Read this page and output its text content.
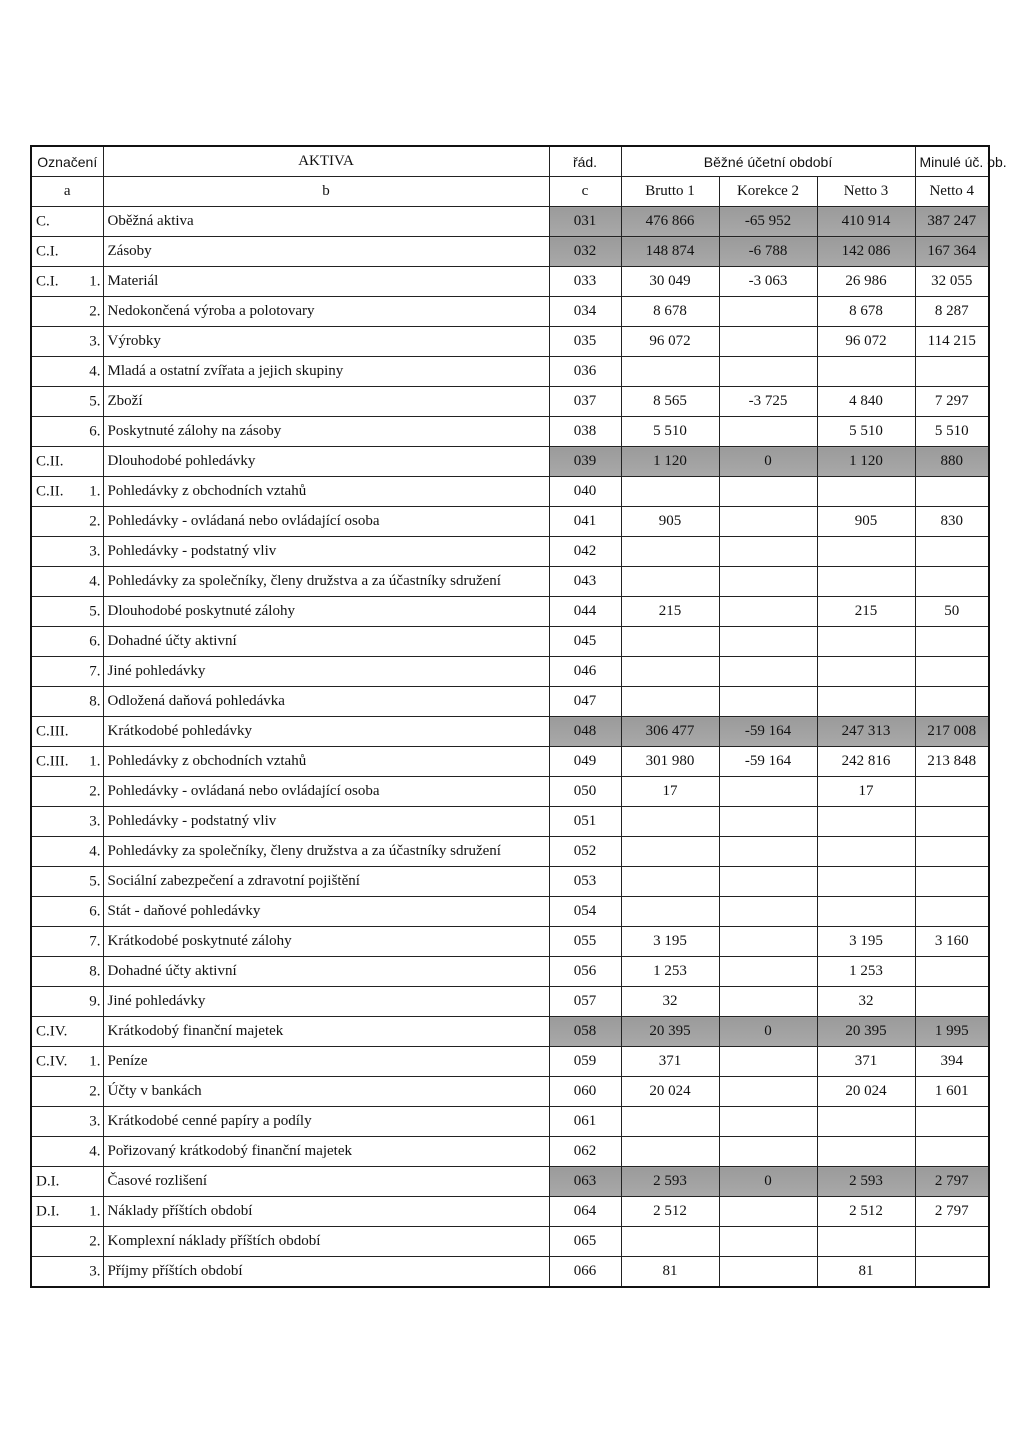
Označení	AKTIVA	řád.	Běžné účetní období			Minulé úč. ob.
a	b	c	Brutto 1	Korekce 2	Netto 3	Netto 4

C.	Oběžná aktiva	031	476 866	-65 952	410 914	387 247

C.I.	Zásoby	032	148 874	-6 788	142 086	167 364

C.I. 1.	Materiál	033	30 049	-3 063	26 986	32 055

2.	Nedokončená výroba a polotovary	034	8 678		8 678	8 287

3.	Výrobky	035	96 072		96 072	114 215

4.	Mladá a ostatní zvířata a jejich skupiny	036				

5.	Zboží	037	8 565	-3 725	4 840	7 297

6.	Poskytnuté zálohy na zásoby	038	5 510		5 510	5 510

C.II.	Dlouhodobé pohledávky	039	1 120	0	1 120	880

C.II. 1.	Pohledávky z obchodních vztahů	040				

2.	Pohledávky - ovládaná nebo ovládající osoba	041	905		905	830

3.	Pohledávky - podstatný vliv	042				

4.	Pohledávky za společníky, členy družstva a za účastníky sdružení	043				

5.	Dlouhodobé poskytnuté zálohy	044	215		215	50

6.	Dohadné účty aktivní	045				

7.	Jiné pohledávky	046				

8.	Odložená daňová pohledávka	047				

C.III.	Krátkodobé pohledávky	048	306 477	-59 164	247 313	217 008

C.III. 1.	Pohledávky z obchodních vztahů	049	301 980	-59 164	242 816	213 848

2.	Pohledávky - ovládaná nebo ovládající osoba	050	17		17	

3.	Pohledávky - podstatný vliv	051				

4.	Pohledávky za společníky, členy družstva a za účastníky sdružení	052				

5.	Sociální zabezpečení a zdravotní pojištění	053				

6.	Stát - daňové pohledávky	054				

7.	Krátkodobé poskytnuté zálohy	055	3 195		3 195	3 160

8.	Dohadné účty aktivní	056	1 253		1 253	

9.	Jiné pohledávky	057	32		32	

C.IV.	Krátkodobý finanční majetek	058	20 395	0	20 395	1 995

C.IV. 1.	Peníze	059	371		371	394

2.	Účty v bankách	060	20 024		20 024	1 601

3.	Krátkodobé cenné papíry a podíly	061				

4.	Pořizovaný krátkodobý finanční majetek	062				

D.I.	Časové rozlišení	063	2 593	0	2 593	2 797

D.I. 1.	Náklady příštích období	064	2 512		2 512	2 797

2.	Komplexní náklady příštích období	065				

3.	Příjmy příštích období	066	81		81	
